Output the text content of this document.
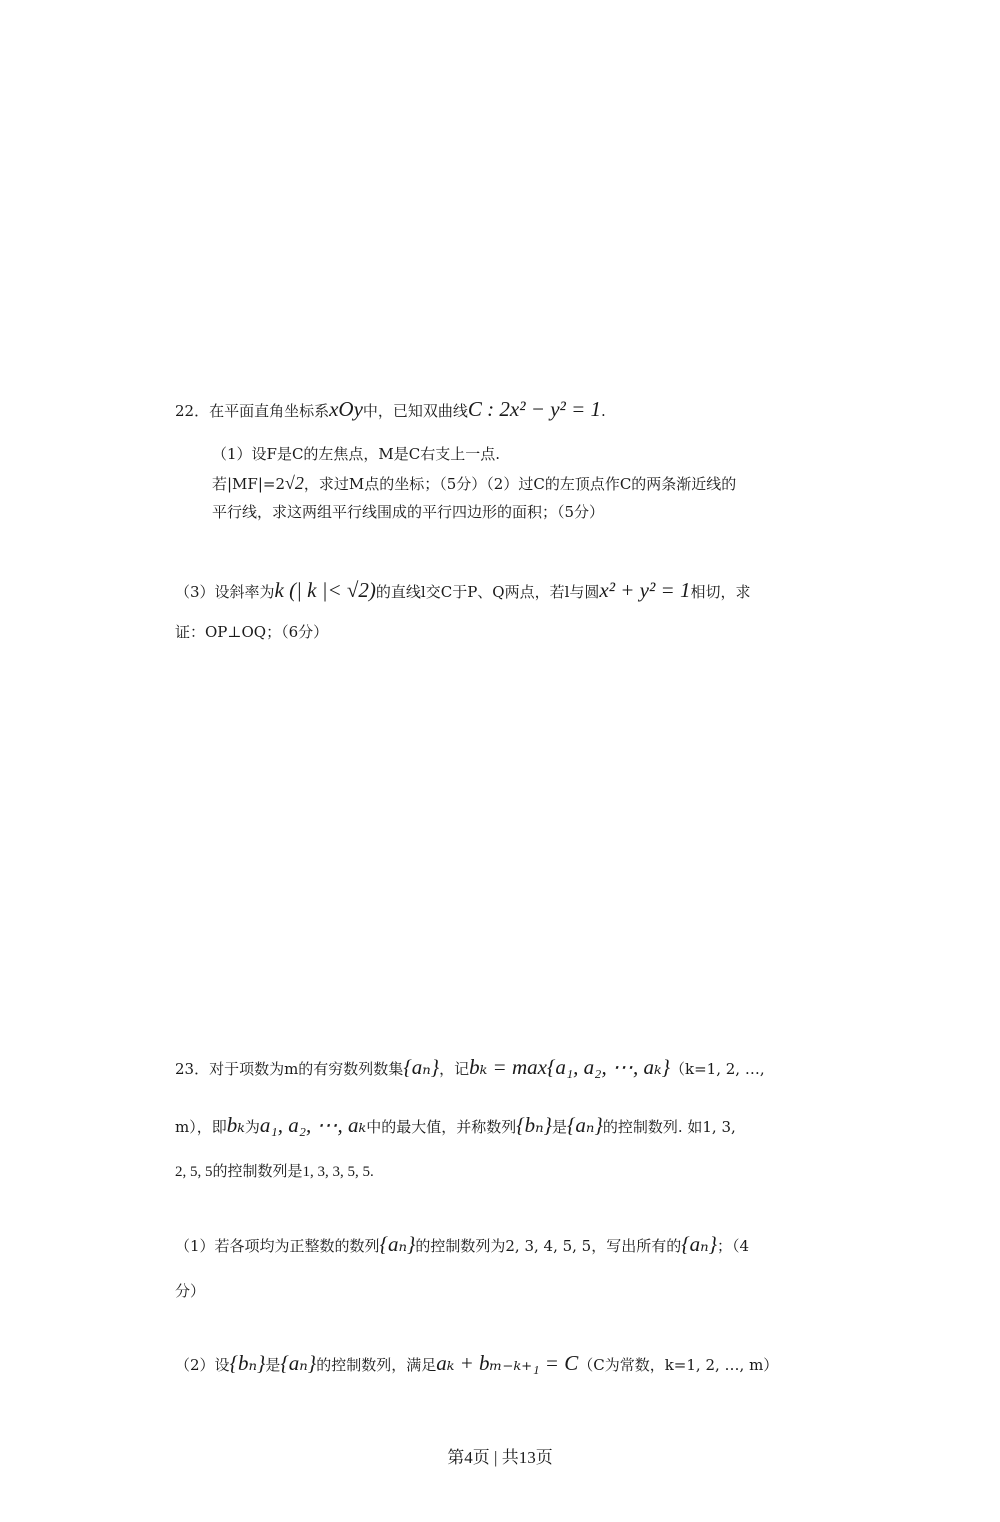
22．在平面直角坐标系xOy中，已知双曲线C : 2x² − y² = 1.
（1）设F是C的左焦点，M是C右支上一点.
若|MF|=2√2，求过M点的坐标；（5分）（2）过C的左顶点作C的两条渐近线的
平行线，求这两组平行线围成的平行四边形的面积；（5分）
（3）设斜率为k (| k |< √2)的直线l交C于P、Q两点，若l与圆x² + y² = 1相切，求
证：OP⊥OQ；（6分）
23．对于项数为m的有穷数列数集{aₙ}，记bₖ = max{a₁, a₂, ⋯, aₖ}（k=1, 2, …,
m），即bₖ为a₁, a₂, ⋯, aₖ中的最大值，并称数列{bₙ}是{aₙ}的控制数列. 如1, 3,
2, 5, 5的控制数列是1, 3, 3, 5, 5.
（1）若各项均为正整数的数列{aₙ}的控制数列为2, 3, 4, 5, 5，写出所有的{aₙ}；（4
分）
（2）设{bₙ}是{aₙ}的控制数列，满足aₖ + bₘ₋ₖ₊₁ = C（C为常数，k=1, 2, …, m）
第4页 | 共13页
